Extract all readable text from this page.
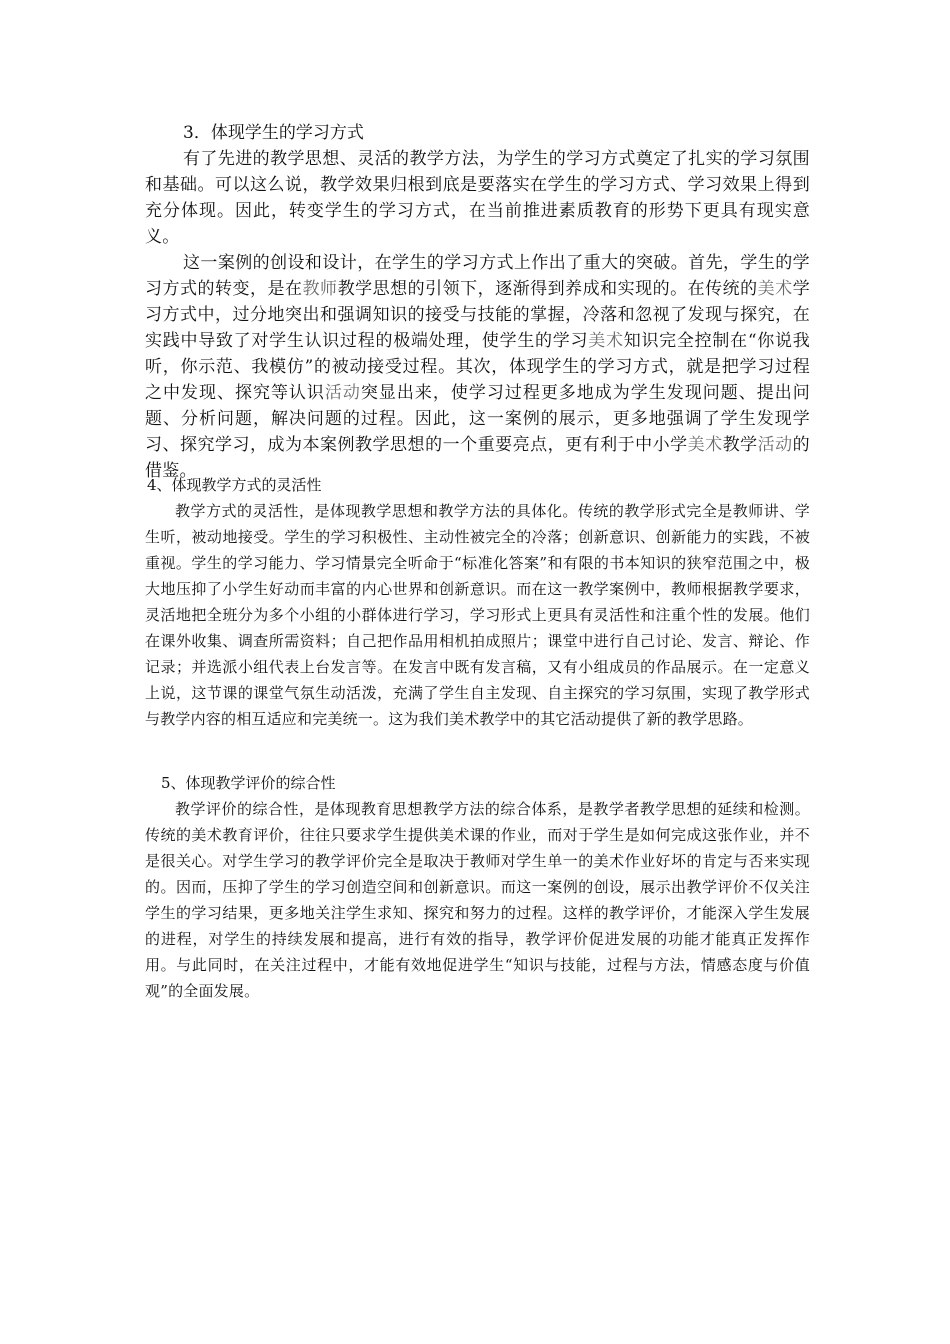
3．体现学生的学习方式

有了先进的教学思想、灵活的教学方法，为学生的学习方式奠定了扎实的学习氛围和基础。可以这么说，教学效果归根到底是要落实在学生的学习方式、学习效果上得到充分体现。因此，转变学生的学习方式，在当前推进素质教育的形势下更具有现实意义。

这一案例的创设和设计，在学生的学习方式上作出了重大的突破。首先，学生的学习方式的转变，是在教师教学思想的引领下，逐渐得到养成和实现的。在传统的美术学习方式中，过分地突出和强调知识的接受与技能的掌握，冷落和忽视了发现与探究，在实践中导致了对学生认识过程的极端处理，使学生的学习美术知识完全控制在“你说我听，你示范、我模仿”的被动接受过程。其次，体现学生的学习方式，就是把学习过程之中发现、探究等认识活动突显出来，使学习过程更多地成为学生发现问题、提出问题、分析问题，解决问题的过程。因此，这一案例的展示，更多地强调了学生发现学习、探究学习，成为本案例教学思想的一个重要亮点，更有利于中小学美术教学活动的借鉴。

4、体现教学方式的灵活性

教学方式的灵活性，是体现教学思想和教学方法的具体化。传统的教学形式完全是教师讲、学生听，被动地接受。学生的学习积极性、主动性被完全的冷落；创新意识、创新能力的实践，不被重视。学生的学习能力、学习情景完全听命于“标准化答案”和有限的书本知识的狭窄范围之中，极大地压抑了小学生好动而丰富的内心世界和创新意识。而在这一教学案例中，教师根据教学要求，灵活地把全班分为多个小组的小群体进行学习，学习形式上更具有灵活性和注重个性的发展。他们在课外收集、调查所需资料；自己把作品用相机拍成照片；课堂中进行自己讨论、发言、辩论、作记录；并选派小组代表上台发言等。在发言中既有发言稿，又有小组成员的作品展示。在一定意义上说，这节课的课堂气氛生动活泼，充满了学生自主发现、自主探究的学习氛围，实现了教学形式与教学内容的相互适应和完美统一。这为我们美术教学中的其它活动提供了新的教学思路。

5、体现教学评价的综合性

教学评价的综合性，是体现教育思想教学方法的综合体系，是教学者教学思想的延续和检测。传统的美术教育评价，往往只要求学生提供美术课的作业，而对于学生是如何完成这张作业，并不是很关心。对学生学习的教学评价完全是取决于教师对学生单一的美术作业好坏的肯定与否来实现的。因而，压抑了学生的学习创造空间和创新意识。而这一案例的创设，展示出教学评价不仅关注学生的学习结果，更多地关注学生求知、探究和努力的过程。这样的教学评价，才能深入学生发展的进程，对学生的持续发展和提高，进行有效的指导，教学评价促进发展的功能才能真正发挥作用。与此同时，在关注过程中，才能有效地促进学生“知识与技能，过程与方法，情感态度与价值观”的全面发展。
